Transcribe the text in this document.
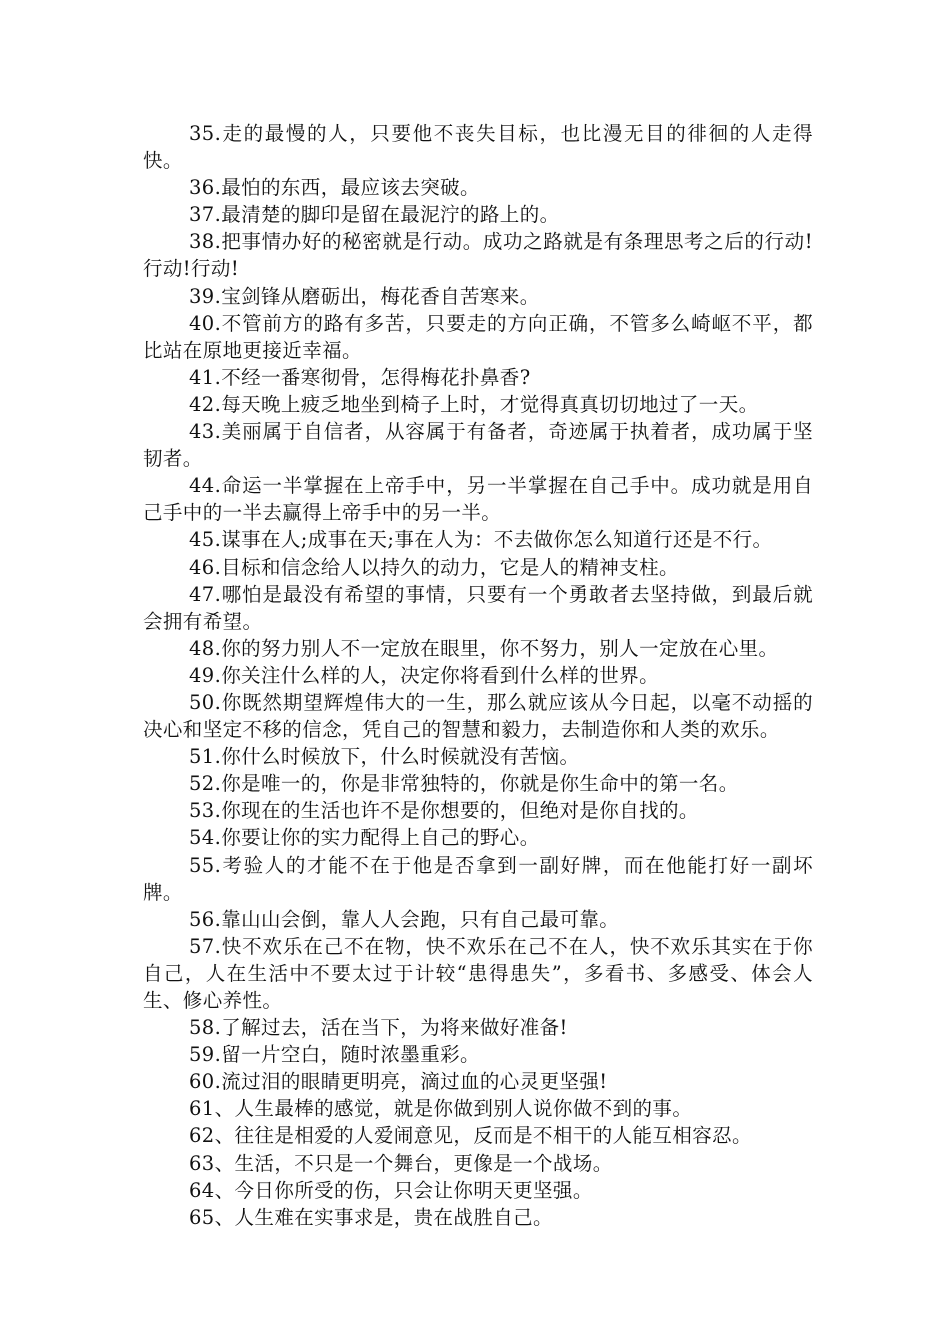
35.走的最慢的人，只要他不丧失目标，也比漫无目的徘徊的人走得快。

36.最怕的东西，最应该去突破。

37.最清楚的脚印是留在最泥泞的路上的。

38.把事情办好的秘密就是行动。成功之路就是有条理思考之后的行动!行动!行动!

39.宝剑锋从磨砺出，梅花香自苦寒来。

40.不管前方的路有多苦，只要走的方向正确，不管多么崎岖不平，都比站在原地更接近幸福。

41.不经一番寒彻骨，怎得梅花扑鼻香?

42.每天晚上疲乏地坐到椅子上时，才觉得真真切切地过了一天。

43.美丽属于自信者，从容属于有备者，奇迹属于执着者，成功属于坚韧者。

44.命运一半掌握在上帝手中，另一半掌握在自己手中。成功就是用自己手中的一半去赢得上帝手中的另一半。

45.谋事在人;成事在天;事在人为：不去做你怎么知道行还是不行。

46.目标和信念给人以持久的动力，它是人的精神支柱。

47.哪怕是最没有希望的事情，只要有一个勇敢者去坚持做，到最后就会拥有希望。

48.你的努力别人不一定放在眼里，你不努力，别人一定放在心里。

49.你关注什么样的人，决定你将看到什么样的世界。

50.你既然期望辉煌伟大的一生，那么就应该从今日起，以毫不动摇的决心和坚定不移的信念，凭自己的智慧和毅力，去制造你和人类的欢乐。

51.你什么时候放下，什么时候就没有苦恼。

52.你是唯一的，你是非常独特的，你就是你生命中的第一名。

53.你现在的生活也许不是你想要的，但绝对是你自找的。

54.你要让你的实力配得上自己的野心。

55.考验人的才能不在于他是否拿到一副好牌，而在他能打好一副坏牌。

56.靠山山会倒，靠人人会跑，只有自己最可靠。

57.快不欢乐在己不在物，快不欢乐在己不在人，快不欢乐其实在于你自己，人在生活中不要太过于计较“患得患失”，多看书、多感受、体会人生、修心养性。

58.了解过去，活在当下，为将来做好准备!

59.留一片空白，随时浓墨重彩。

60.流过泪的眼睛更明亮，滴过血的心灵更坚强!

61、人生最棒的感觉，就是你做到别人说你做不到的事。

62、往往是相爱的人爱闹意见，反而是不相干的人能互相容忍。

63、生活，不只是一个舞台，更像是一个战场。

64、今日你所受的伤，只会让你明天更坚强。

65、人生难在实事求是，贵在战胜自己。
